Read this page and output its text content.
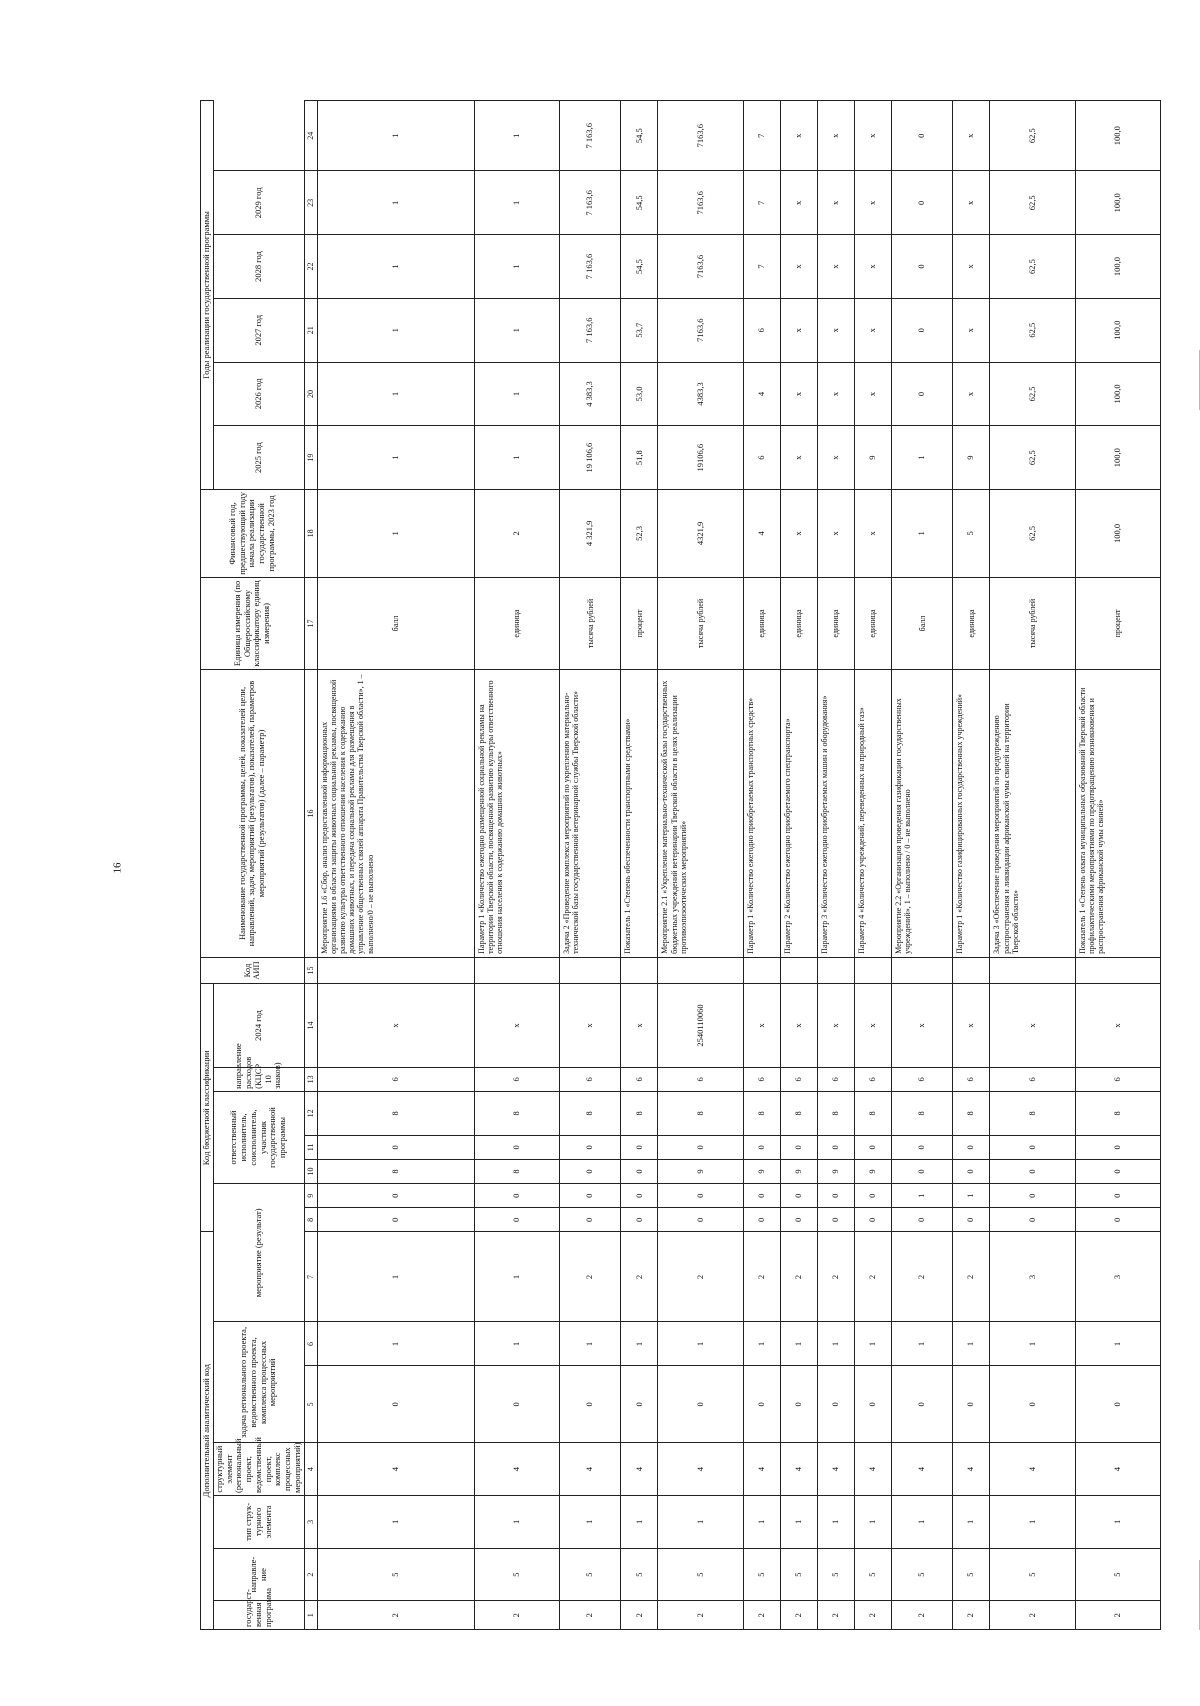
16
Дополнительный аналитический код							Код бюджетной классификации							Код АИП	Наименование государственной программы, целей, показателей цели, направлений, задач, мероприятий (результатов), показателей, параметров мероприятий (результатов) (далее – параметр)	Единица измерения (по Общероссийскому классификатору единиц измерения)	Финансовый год, предшествующий году начала реализации государственной программы, 2023 год	Годы реализации государственной программы					
государст-венная программа	направле-ние	тип струк-турного элемента	структурный элемент (региональный проект, ведомственный проект, комплекс процессных мероприятий)	задача регионального проекта, ведомственного проекта, комплекса процессных мероприятий		мероприятие (результат)			ответственный исполнитель, соисполнитель, участник государственной программы			направление расходов (КЦСР 10 знаков)	2024 год					2025 год	2026 год	2027 год	2028 год	2029 год	

1	2	3	4	5	6	7	8	9	10	11	12	13	14	15	16	17	18	19	20	21	22	23	24
2	5	1	4	0	1	1	0	0	8	0	8	6	x		Мероприятие 1.6 «Сбор, анализ предоставленной информационных организациями в области защиты животных социальной рекламы, посвященной развитию культуры ответственного отношения населения к содержанию домашних животных, и передача социальной рекламы для размещения в управление общественных связей аппарата Правительства Тверской области», 1 – выполнено/0 – не выполнено	балл	1	1	1	1	1	1	1
2	5	1	4	0	1	1	0	0	8	0	8	6	x		Параметр 1 «Количество ежегодно размещенной социальной рекламы на территории Тверской области, посвященной развитию культуры ответственного отношения населения к содержанию домашних животных»	единица	2	1	1	1	1	1	1
2	5	1	4	0	1	2	0	0	0	0	8	6	x		Задача 2 «Проведение комплекса мероприятий по укреплению материально-технической базы государственной ветеринарной службы Тверской области»	тысяча рублей	4 321,9	19 106,6	4 383,3	7 163,6	7 163,6	7 163,6	7 163,6
2	5	1	4	0	1	2	0	0	0	0	8	6	x		Показатель 1 «Степень обеспеченности транспортными средствами»	процент	52,3	51,8	53,0	53,7	54,5	54,5	54,5
2	5	1	4	0	1	2	0	0	9	0	8	6	2540110060		Мероприятие 2.1 «Укрепление материально-технической базы государственных бюджетных учреждений ветеринарии Тверской области в целях реализации противоэпизоотических мероприятий»	тысяча рублей	4321,9	19106,6	4383,3	7163,6	7163,6	7163,6	7163,6
2	5	1	4	0	1	2	0	0	9	0	8	6	x		Параметр 1 «Количество ежегодно приобретаемых транспортных средств»	единица	4	6	4	6	7	7	7
2	5	1	4	0	1	2	0	0	9	0	8	6	x		Параметр 2 «Количество ежегодно приобретаемого спецтранспорта»	единица	x	x	x	x	x	x	x
2	5	1	4	0	1	2	0	0	9	0	8	6	x		Параметр 3 «Количество ежегодно приобретаемых машин и оборудования»	единица	x	x	x	x	x	x	x
2	5	1	4	0	1	2	0	0	9	0	8	6	x		Параметр 4 «Количество учреждений, переведенных на природный газ»	единица	x	9	x	x	x	x	x
2	5	1	4	0	1	2	0	1	0	0	8	6	x		Мероприятие 2.2 «Организация проведения газификации государственных учреждений», 1 – выполнено / 0 – не выполнено	балл	1	1	0	0	0	0	0
2	5	1	4	0	1	2	0	1	0	0	8	6	x		Параметр 1 «Количество газифицированных государственных учреждений»	единица	5	9	x	x	x	x	x
2	5	1	4	0	1	3	0	0	0	0	8	6	x		Задача 3 «Обеспечение проведения мероприятий по предупреждению распространения и ликвидации африканской чумы свиней на территории Тверской области»	тысяча рублей	62,5	62,5	62,5	62,5	62,5	62,5	62,5
2	5	1	4	0	1	3	0	0	0	0	8	6	x		Показатель 1 «Степень охвата муниципальных образований Тверской области профилактическими мероприятиями по предотвращению возникновения и распространения африканской чумы свиней»	процент	100,0	100,0	100,0	100,0	100,0	100,0	100,0
